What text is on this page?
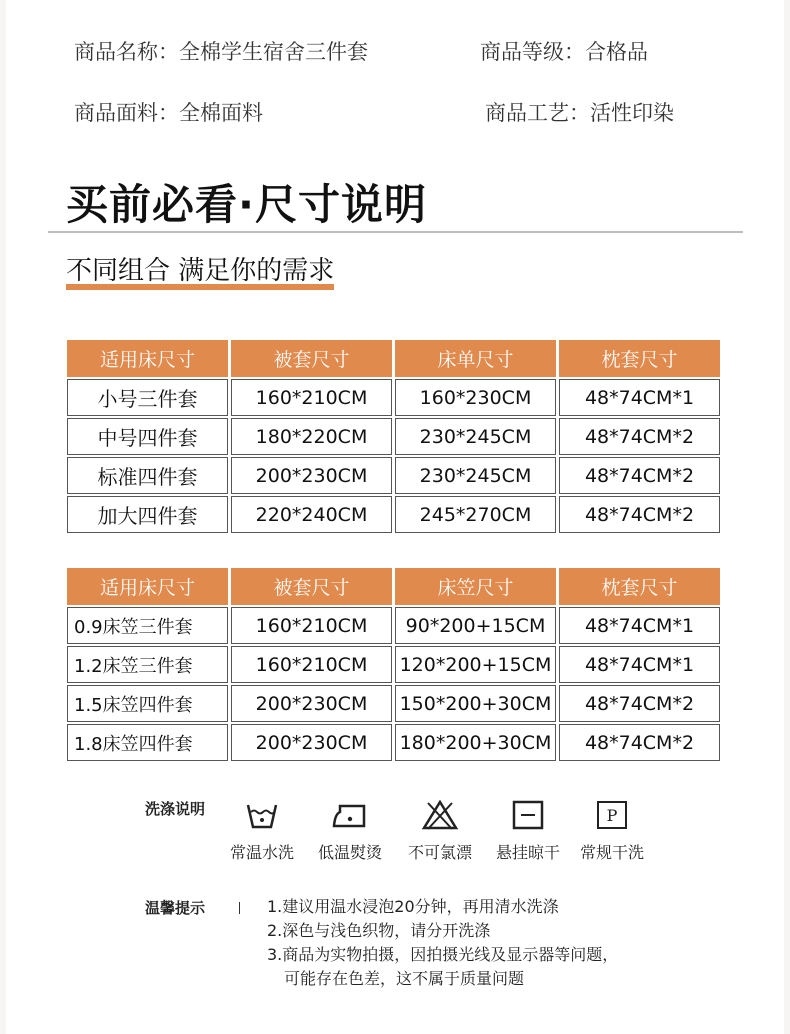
商品名称：全棉学生宿舍三件套	商品等级：合格品
商品面料：全棉面料	商品工艺：活性印染
买前必看·尺寸说明
不同组合 满足你的需求
适用床尺寸	被套尺寸	床单尺寸	枕套尺寸
小号三件套	160*210CM	160*230CM	48*74CM*1
中号四件套	180*220CM	230*245CM	48*74CM*2
标准四件套	200*230CM	230*245CM	48*74CM*2
加大四件套	220*240CM	245*270CM	48*74CM*2
适用床尺寸	被套尺寸	床笠尺寸	枕套尺寸
0.9床笠三件套	160*210CM	90*200+15CM	48*74CM*1
1.2床笠三件套	160*210CM	120*200+15CM	48*74CM*1
1.5床笠四件套	200*230CM	150*200+30CM	48*74CM*2
1.8床笠四件套	200*230CM	180*200+30CM	48*74CM*2
洗涤说明
常温水洗	低温熨烫	不可氯漂	悬挂晾干
P
常规干洗
温馨提示	1.建议用温水浸泡20分钟，再用清水洗涤
2.深色与浅色织物，请分开洗涤
3.商品为实物拍摄，因拍摄光线及显示器等问题，
可能存在色差，这不属于质量问题
